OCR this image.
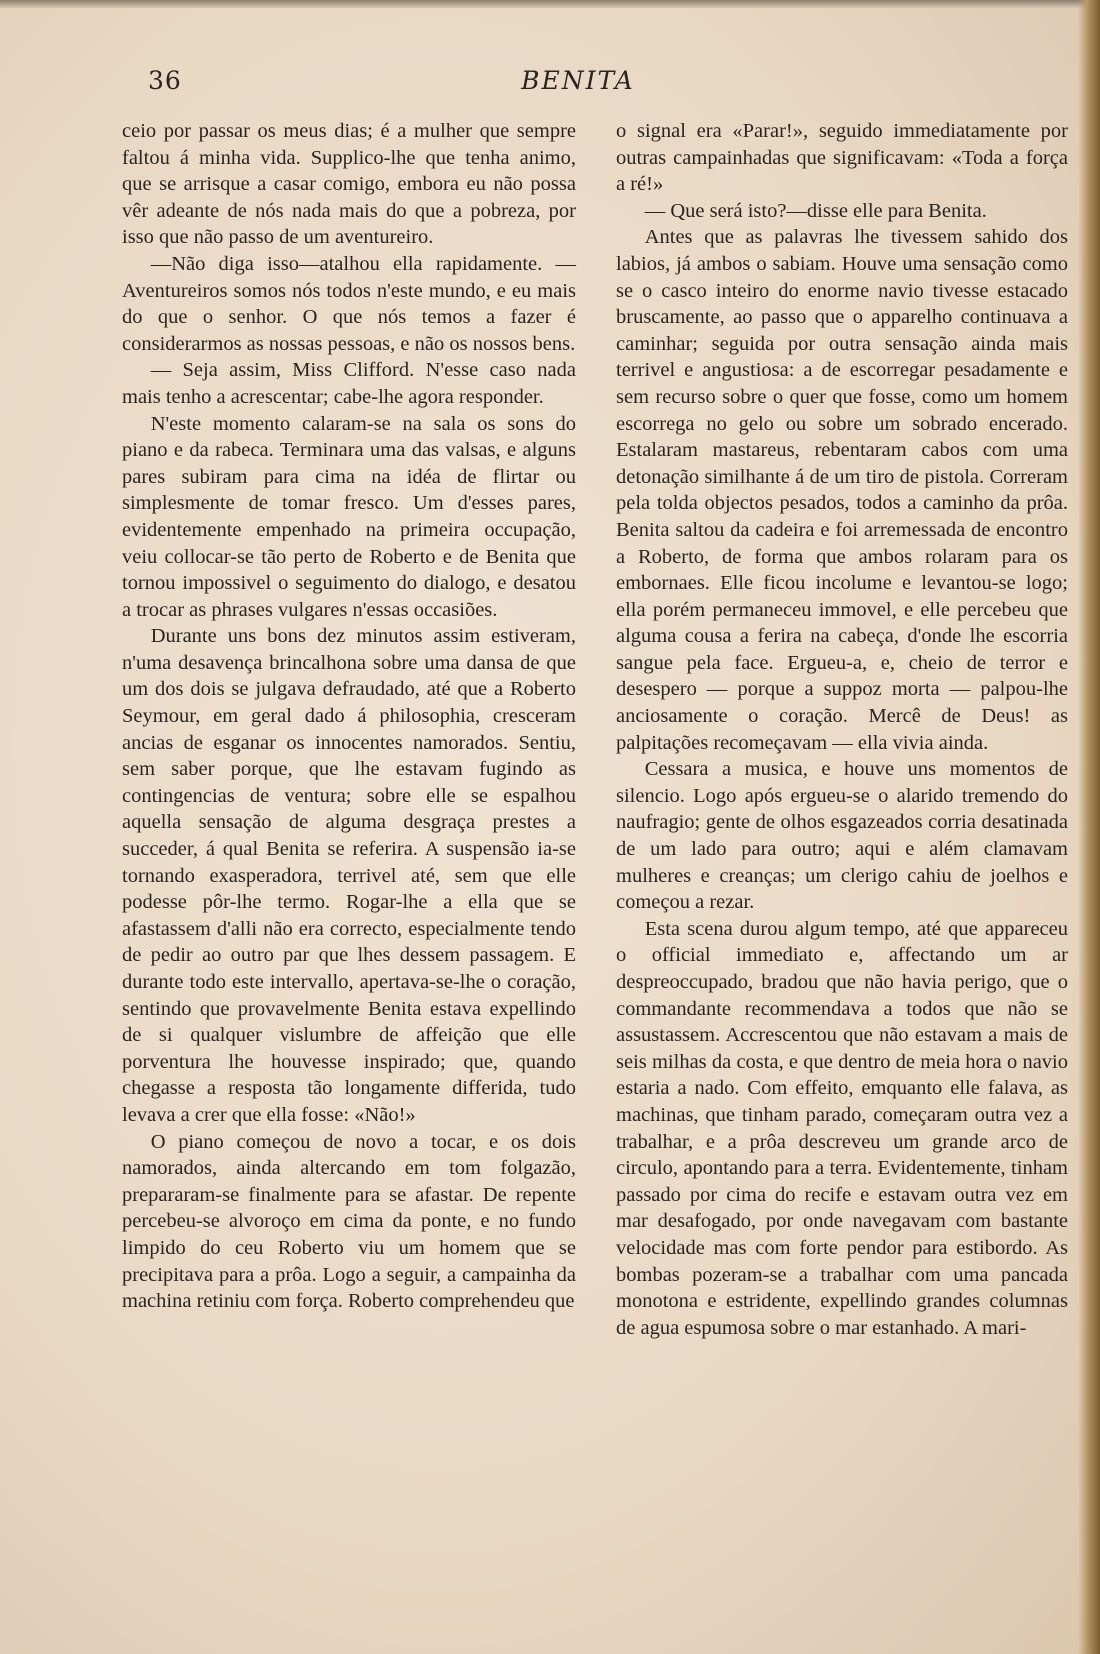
36	BENITA

ceio por passar os meus dias; é a mulher que sempre faltou á minha vida. Supplico-lhe que tenha animo, que se arrisque a casar comigo, embora eu não possa vêr adeante de nós nada mais do que a pobreza, por isso que não passo de um aventureiro.

—Não diga isso—atalhou ella rapidamente. —Aventureiros somos nós todos n'este mundo, e eu mais do que o senhor. O que nós temos a fazer é considerarmos as nossas pessoas, e não os nossos bens.

— Seja assim, Miss Clifford. N'esse caso nada mais tenho a acrescentar; cabe-lhe agora responder.

N'este momento calaram-se na sala os sons do piano e da rabeca. Terminara uma das valsas, e alguns pares subiram para cima na idéa de flirtar ou simplesmente de tomar fresco. Um d'esses pares, evidentemente empenhado na primeira occupação, veiu collocar-se tão perto de Roberto e de Benita que tornou impossivel o seguimento do dialogo, e desatou a trocar as phrases vulgares n'essas occasiões.

Durante uns bons dez minutos assim estiveram, n'uma desavença brincalhona sobre uma dansa de que um dos dois se julgava defraudado, até que a Roberto Seymour, em geral dado á philosophia, cresceram ancias de esganar os innocentes namorados. Sentiu, sem saber porque, que lhe estavam fugindo as contingencias de ventura; sobre elle se espalhou aquella sensação de alguma desgraça prestes a succeder, á qual Benita se referira. A suspensão ia-se tornando exasperadora, terrivel até, sem que elle podesse pôr-lhe termo. Rogar-lhe a ella que se afastassem d'alli não era correcto, especialmente tendo de pedir ao outro par que lhes dessem passagem. E durante todo este intervallo, apertava-se-lhe o coração, sentindo que provavelmente Benita estava expellindo de si qualquer vislumbre de affeição que elle porventura lhe houvesse inspirado; que, quando chegasse a resposta tão longamente differida, tudo levava a crer que ella fosse: «Não!»

O piano começou de novo a tocar, e os dois namorados, ainda altercando em tom folgazão, prepararam-se finalmente para se afastar. De repente percebeu-se alvoroço em cima da ponte, e no fundo limpido do ceu Roberto viu um homem que se precipitava para a prôa. Logo a seguir, a campainha da machina retiniu com força. Roberto comprehendeu que

o signal era «Parar!», seguido immediatamente por outras campainhadas que significavam: «Toda a força a ré!»

— Que será isto?—disse elle para Benita.

Antes que as palavras lhe tivessem sahido dos labios, já ambos o sabiam. Houve uma sensação como se o casco inteiro do enorme navio tivesse estacado bruscamente, ao passo que o apparelho continuava a caminhar; seguida por outra sensação ainda mais terrivel e angustiosa: a de escorregar pesadamente e sem recurso sobre o quer que fosse, como um homem escorrega no gelo ou sobre um sobrado encerado. Estalaram mastareus, rebentaram cabos com uma detonação similhante á de um tiro de pistola. Correram pela tolda objectos pesados, todos a caminho da prôa. Benita saltou da cadeira e foi arremessada de encontro a Roberto, de forma que ambos rolaram para os embornaes. Elle ficou incolume e levantou-se logo; ella porém permaneceu immovel, e elle percebeu que alguma cousa a ferira na cabeça, d'onde lhe escorria sangue pela face. Ergueu-a, e, cheio de terror e desespero — porque a suppoz morta — palpou-lhe anciosamente o coração. Mercê de Deus! as palpitações recomeçavam — ella vivia ainda.

Cessara a musica, e houve uns momentos de silencio. Logo após ergueu-se o alarido tremendo do naufragio; gente de olhos esgazeados corria desatinada de um lado para outro; aqui e além clamavam mulheres e creanças; um clerigo cahiu de joelhos e começou a rezar.

Esta scena durou algum tempo, até que appareceu o official immediato e, affectando um ar despreoccupado, bradou que não havia perigo, que o commandante recommendava a todos que não se assustassem. Accrescentou que não estavam a mais de seis milhas da costa, e que dentro de meia hora o navio estaria a nado. Com effeito, emquanto elle falava, as machinas, que tinham parado, começaram outra vez a trabalhar, e a prôa descreveu um grande arco de circulo, apontando para a terra. Evidentemente, tinham passado por cima do recife e estavam outra vez em mar desafogado, por onde navegavam com bastante velocidade mas com forte pendor para estibordo. As bombas pozeram-se a trabalhar com uma pancada monotona e estridente, expellindo grandes columnas de agua espumosa sobre o mar estanhado. A mari-
